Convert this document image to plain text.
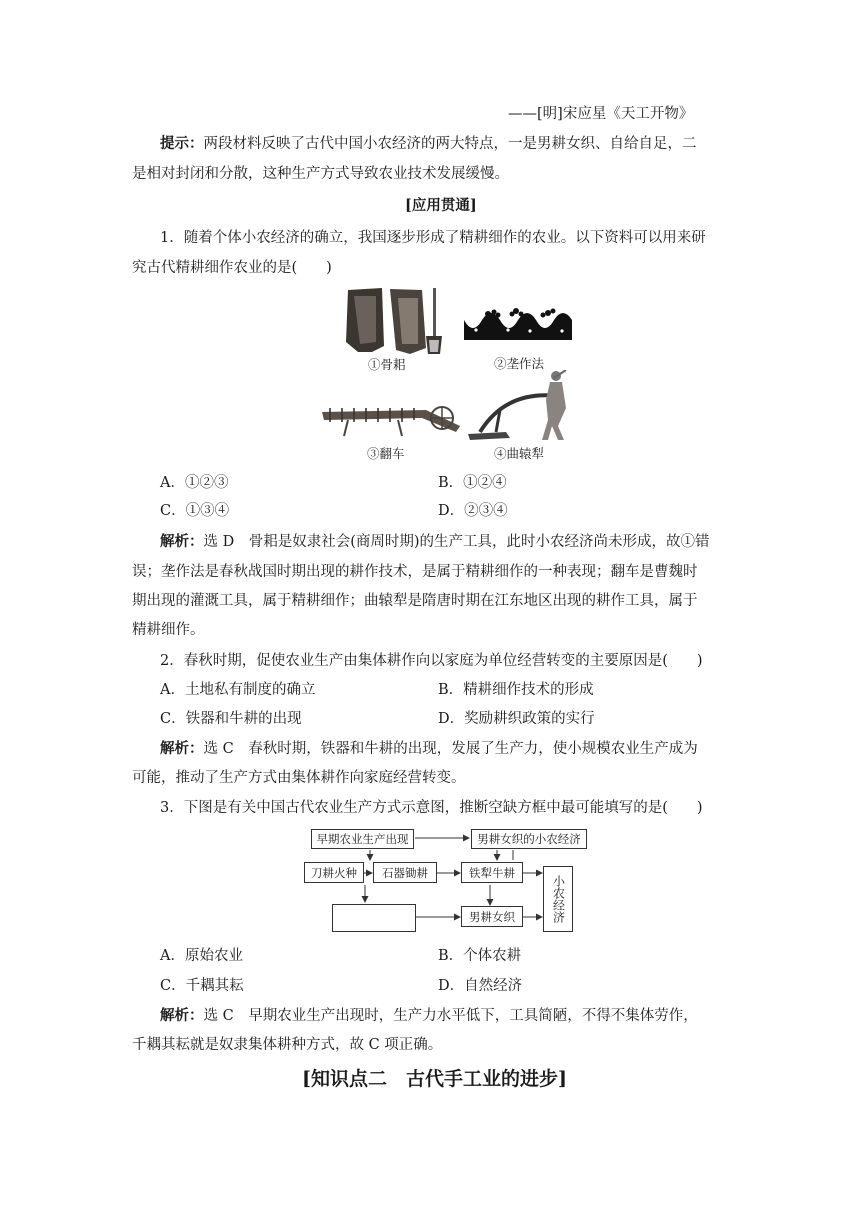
——[明]宋应星《天工开物》
提示：两段材料反映了古代中国小农经济的两大特点，一是男耕女织、自给自足，二
是相对封闭和分散，这种生产方式导致农业技术发展缓慢。
[应用贯通]
1．随着个体小农经济的确立，我国逐步形成了精耕细作的农业。以下资料可以用来研
究古代精耕细作农业的是(　　)
①骨耜	②垄作法
③翻车	④曲辕犁
A．①②③	B．①②④
C．①③④	D．②③④
解析：选 D　骨耜是奴隶社会(商周时期)的生产工具，此时小农经济尚未形成，故①错
误；垄作法是春秋战国时期出现的耕作技术，是属于精耕细作的一种表现；翻车是曹魏时
期出现的灌溉工具，属于精耕细作；曲辕犁是隋唐时期在江东地区出现的耕作工具，属于
精耕细作。
2．春秋时期，促使农业生产由集体耕作向以家庭为单位经营转变的主要原因是(　　)
A．土地私有制度的确立	B．精耕细作技术的形成
C．铁器和牛耕的出现	D．奖励耕织政策的实行
解析：选 C　春秋时期，铁器和牛耕的出现，发展了生产力，使小规模农业生产成为
可能，推动了生产方式由集体耕作向家庭经营转变。
3．下图是有关中国古代农业生产方式示意图，推断空缺方框中最可能填写的是(　　)
早期农业生产出现	男耕女织的小农经济
刀耕火种	石器锄耕	铁犁牛耕
小农经济
男耕女织
A．原始农业	B．个体农耕
C．千耦其耘	D．自然经济
解析：选 C　早期农业生产出现时，生产力水平低下，工具简陋，不得不集体劳作，
千耦其耘就是奴隶集体耕种方式，故 C 项正确。
[知识点二　古代手工业的进步]
